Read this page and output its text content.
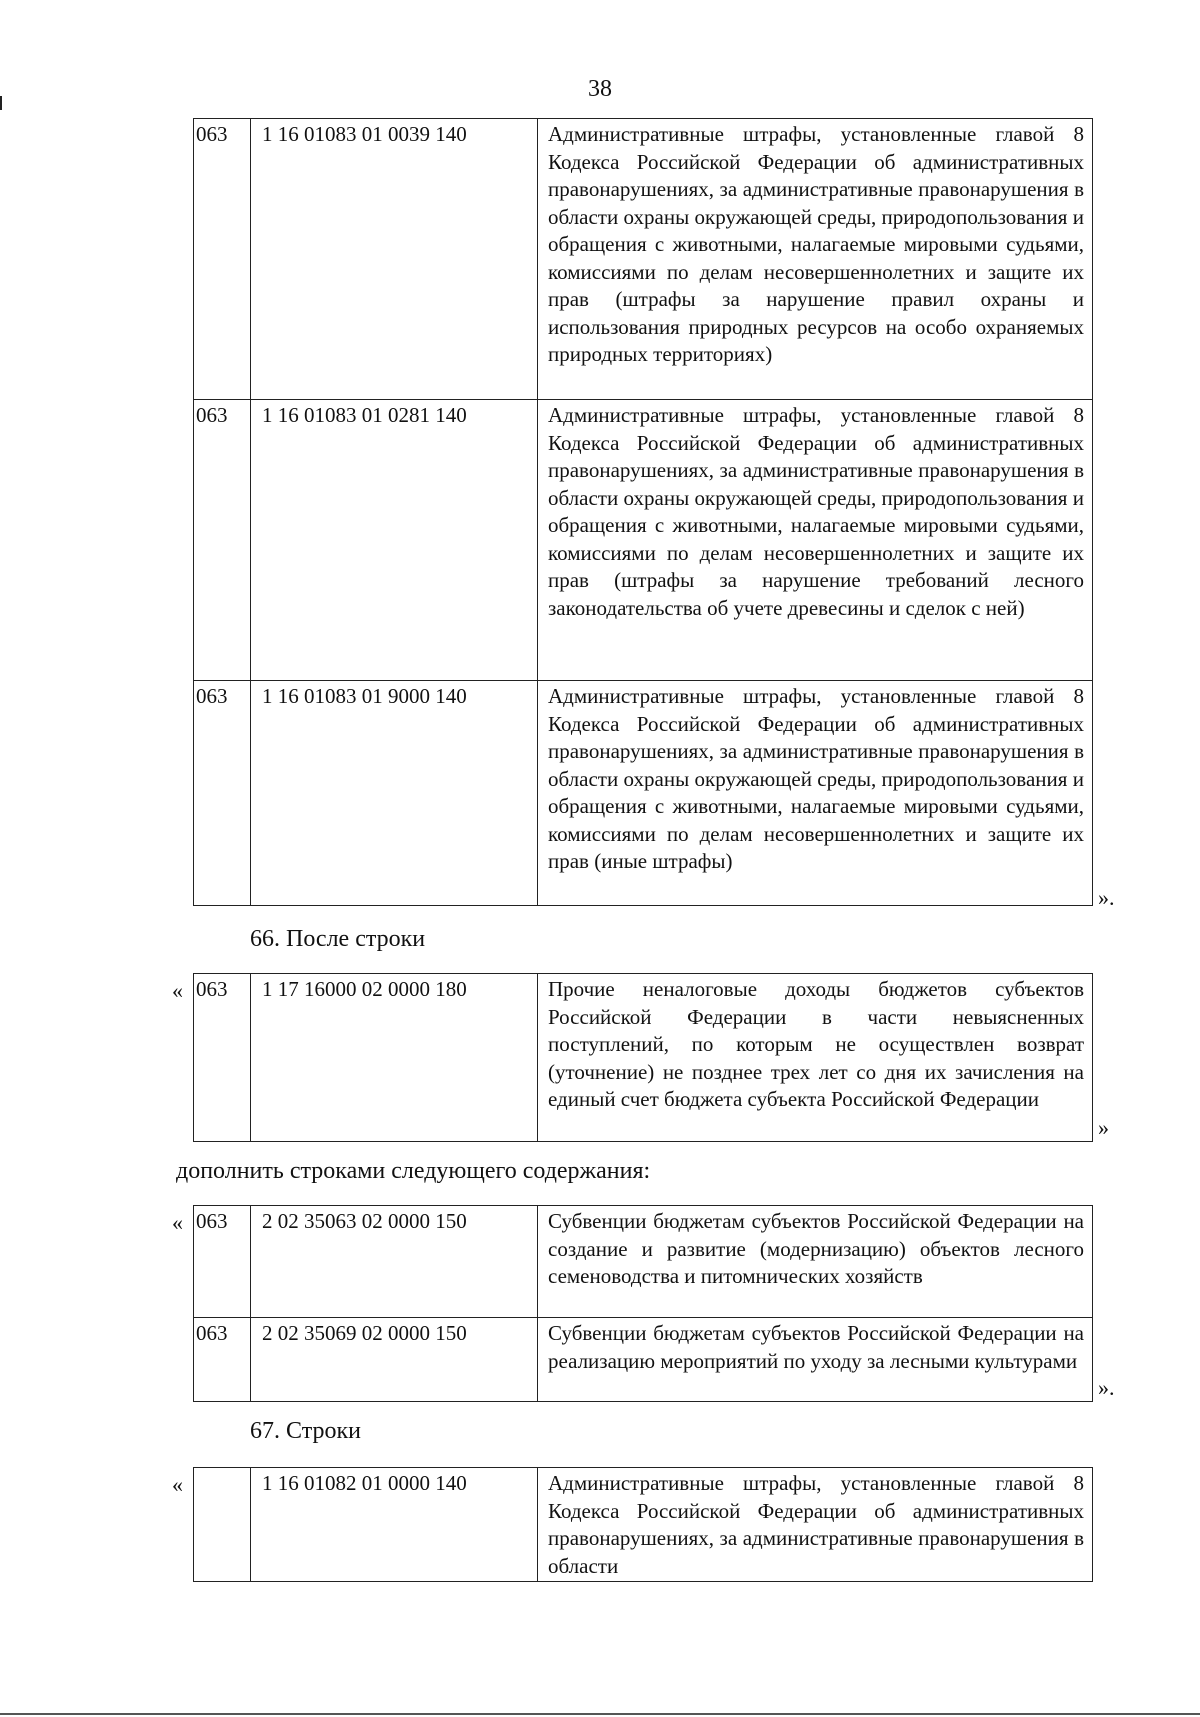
38
063	1 16 01083 01 0039 140	Административные штрафы, установленные главой 8 Кодекса Российской Федерации об административных правонарушениях, за административные правонарушения в области охраны окружающей среды, природопользования и обращения с животными, налагаемые мировыми судьями, комиссиями по делам несовершеннолетних и защите их прав (штрафы за нарушение правил охраны и использования природных ресурсов на особо охраняемых природных территориях)

063	1 16 01083 01 0281 140	Административные штрафы, установленные главой 8 Кодекса Российской Федерации об административных правонарушениях, за административные правонарушения в области охраны окружающей среды, природопользования и обращения с животными, налагаемые мировыми судьями, комиссиями по делам несовершеннолетних и защите их прав (штрафы за нарушение требований лесного законодательства об учете древесины и сделок с ней)

063	1 16 01083 01 9000 140	Административные штрафы, установленные главой 8 Кодекса Российской Федерации об административных правонарушениях, за административные правонарушения в области охраны окружающей среды, природопользования и обращения с животными, налагаемые мировыми судьями, комиссиями по делам несовершеннолетних и защите их прав (иные штрафы)
».
66. После строки
« 063	1 17 16000 02 0000 180	Прочие неналоговые доходы бюджетов субъектов Российской Федерации в части невыясненных поступлений, по которым не осуществлен возврат (уточнение) не позднее трех лет со дня их зачисления на единый счет бюджета субъекта Российской Федерации
»
дополнить строками следующего содержания:
« 063	2 02 35063 02 0000 150	Субвенции бюджетам субъектов Российской Федерации на создание и развитие (модернизацию) объектов лесного семеноводства и питомнических хозяйств

063	2 02 35069 02 0000 150	Субвенции бюджетам субъектов Российской Федерации на реализацию мероприятий по уходу за лесными культурами
».
67. Строки
«
		1 16 01082 01 0000 140	Административные штрафы, установленные главой 8 Кодекса Российской Федерации об административных правонарушениях, за административные правонарушения в области
